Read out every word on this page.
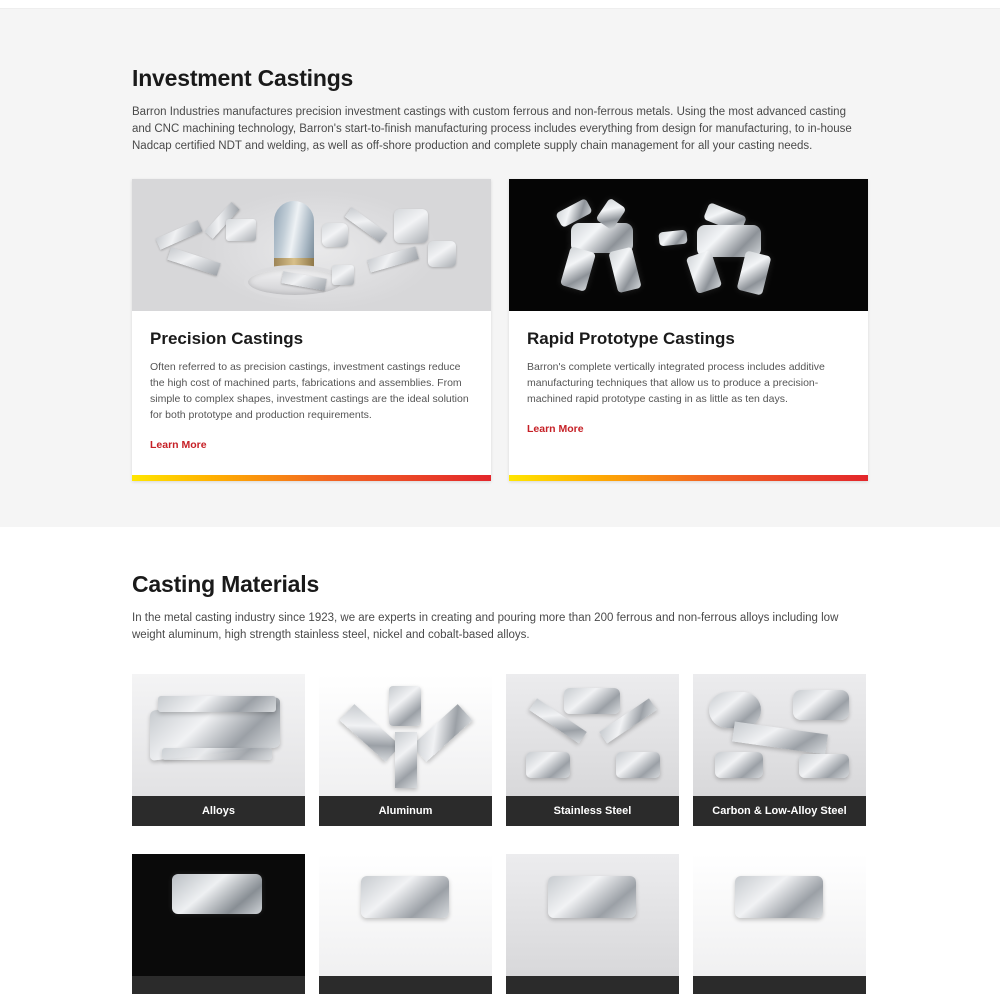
Investment Castings

Barron Industries manufactures precision investment castings with custom ferrous and non-ferrous metals. Using the most advanced casting and CNC machining technology, Barron's start-to-finish manufacturing process includes everything from design for manufacturing, to in-house Nadcap certified NDT and welding, as well as off-shore production and complete supply chain management for all your casting needs.

Precision Castings

Often referred to as precision castings, investment castings reduce the high cost of machined parts, fabrications and assemblies. From simple to complex shapes, investment castings are the ideal solution for both prototype and production requirements.

Learn More
Rapid Prototype Castings

Barron's complete vertically integrated process includes additive manufacturing techniques that allow us to produce a precision-machined rapid prototype casting in as little as ten days.

Learn More
Casting Materials

In the metal casting industry since 1923, we are experts in creating and pouring more than 200 ferrous and non-ferrous alloys including low weight aluminum, high strength stainless steel, nickel and cobalt-based alloys.

Alloys	Aluminum	Stainless Steel	Carbon & Low-Alloy Steel
